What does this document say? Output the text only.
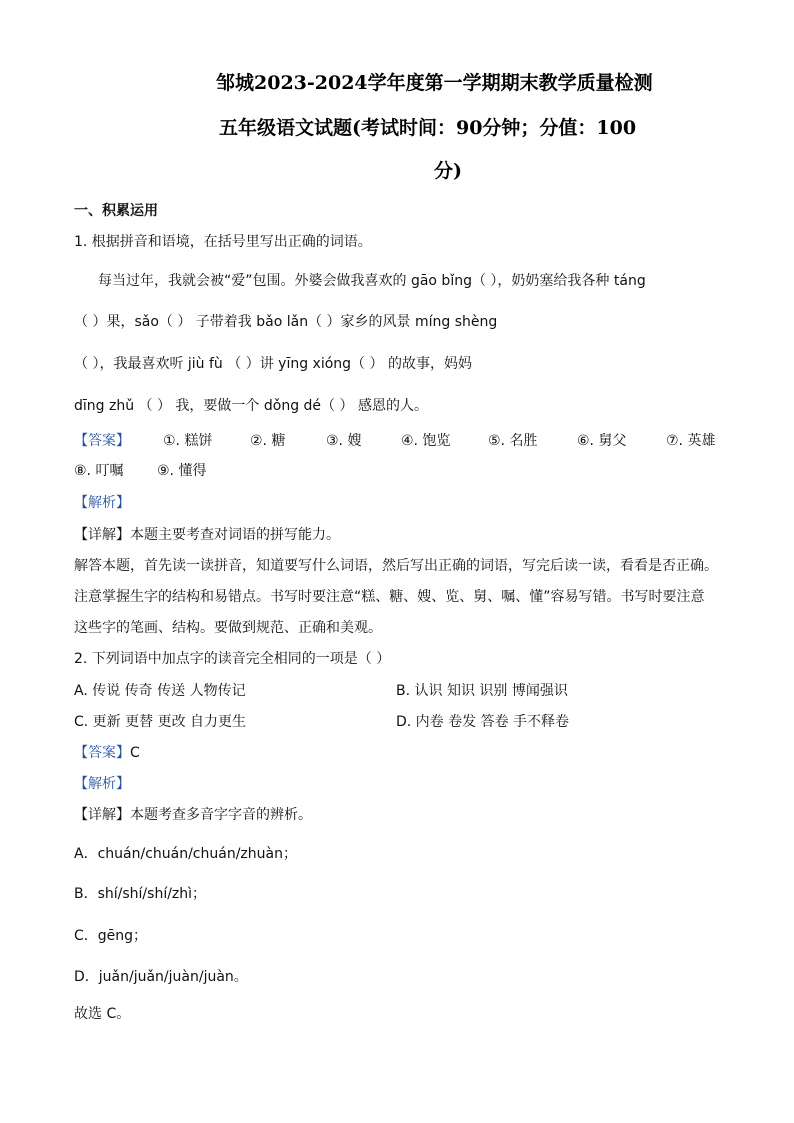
邹城2023-2024学年度第一学期期末教学质量检测
五年级语文试题(考试时间：90分钟；分值：100
分)
一、积累运用
1. 根据拼音和语境，在括号里写出正确的词语。
每当过年，我就会被“爱”包围。外婆会做我喜欢的 gāo bǐng（ ），奶奶塞给我各种 táng
（ ）果，sǎo（ ） 子带着我 bǎo lǎn（ ）家乡的风景 míng shèng
（ ），我最喜欢听 jiù fù （ ）讲 yīng xióng（ ） 的故事，妈妈
dīng zhǔ （ ） 我，要做一个 dǒng dé（ ） 感恩的人。
【答案】 ①. 糕饼	②. 糖	③. 嫂	④. 饱览	⑤. 名胜	⑥. 舅父	⑦. 英雄
⑧. 叮嘱 ⑨. 懂得
【解析】
【详解】本题主要考查对词语的拼写能力。
解答本题，首先读一读拼音，知道要写什么词语，然后写出正确的词语，写完后读一读，看看是否正确。
注意掌握生字的结构和易错点。书写时要注意“糕、糖、嫂、览、舅、嘱、懂”容易写错。书写时要注意
这些字的笔画、结构。要做到规范、正确和美观。
2. 下列词语中加点字的读音完全相同的一项是（ ）
A. 传说 传奇 传送 人物传记	B. 认识 知识 识别 博闻强识
C. 更新 更替 更改 自力更生	D. 内卷 卷发 答卷 手不释卷
【答案】C
【解析】
【详解】本题考查多音字字音的辨析。
A．chuán/chuán/chuán/zhuàn；
B．shí/shí/shí/zhì；
C．gēng；
D．juǎn/juǎn/juàn/juàn。
故选 C。
